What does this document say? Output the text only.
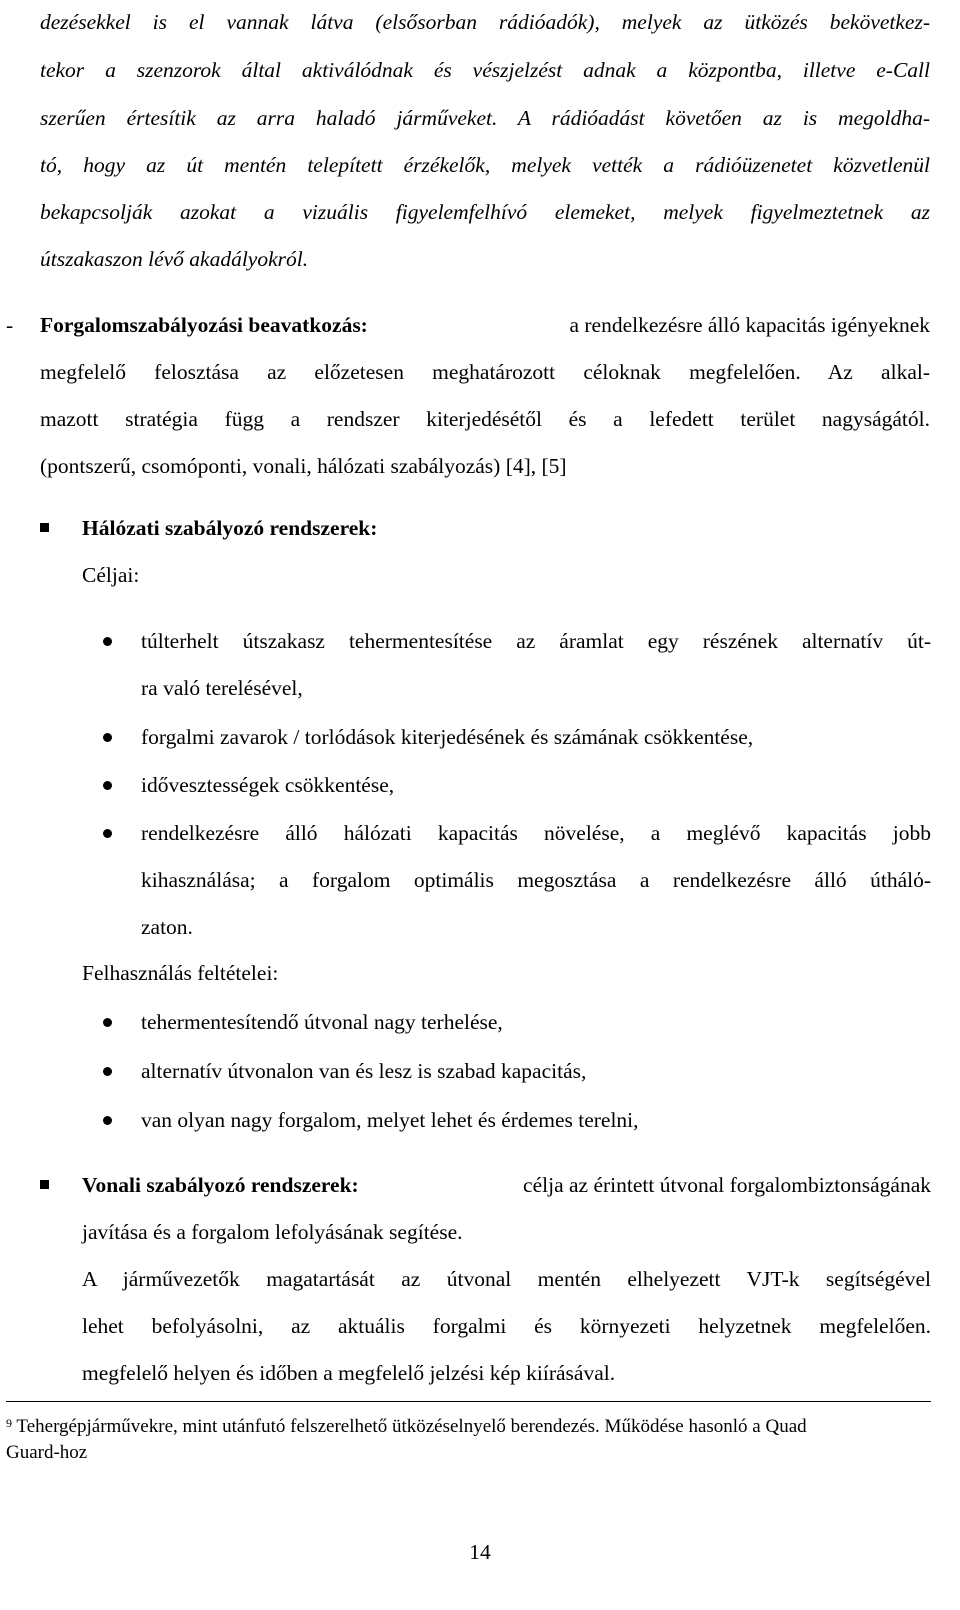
dezésekkel is el vannak látva (elsősorban rádióadók), melyek az ütközés bekövetkez-
tekor a szenzorok által aktiválódnak és vészjelzést adnak a központba, illetve e-Call
szerűen értesítik az arra haladó járműveket. A rádióadást követően az is megoldha-
tó, hogy az út mentén telepített érzékelők, melyek vették a rádióüzenetet közvetlenül
bekapcsolják azokat a vizuális figyelemfelhívó elemeket, melyek figyelmeztetnek az
útszakaszon lévő akadályokról.
- Forgalomszabályozási beavatkozás:	a rendelkezésre álló kapacitás igényeknek
megfelelő felosztása az előzetesen meghatározott céloknak megfelelően. Az alkal-
mazott stratégia függ a rendszer kiterjedésétől és a lefedett terület nagyságától.
(pontszerű, csomóponti, vonali, hálózati szabályozás) [4], [5]
Hálózati szabályozó rendszerek:
Céljai:
túlterhelt útszakasz tehermentesítése az áramlat egy részének alternatív út-
ra való terelésével,
forgalmi zavarok / torlódások kiterjedésének és számának csökkentése,
idővesztességek csökkentése,
rendelkezésre álló hálózati kapacitás növelése, a meglévő kapacitás jobb
kihasználása; a forgalom optimális megosztása a rendelkezésre álló úthálό-
zaton.
Felhasználás feltételei:
tehermentesítendő útvonal nagy terhelése,
alternatív útvonalon van és lesz is szabad kapacitás,
van olyan nagy forgalom, melyet lehet és érdemes terelni,
Vonali szabályozó rendszerek:	célja az érintett útvonal forgalombiztonságának
javítása és a forgalom lefolyásának segítése.
A járművezetők magatartását az útvonal mentén elhelyezett VJT-k segítségével
lehet befolyásolni, az aktuális forgalmi és környezeti helyzetnek megfelelően.
megfelelő helyen és időben a megfelelő jelzési kép kiírásával.
$^9$ Tehergépjárművekre, mint utánfutó felszerelhető ütközéselnyelő berendezés. Működése hasonló a Quad
Guard-hoz
14
